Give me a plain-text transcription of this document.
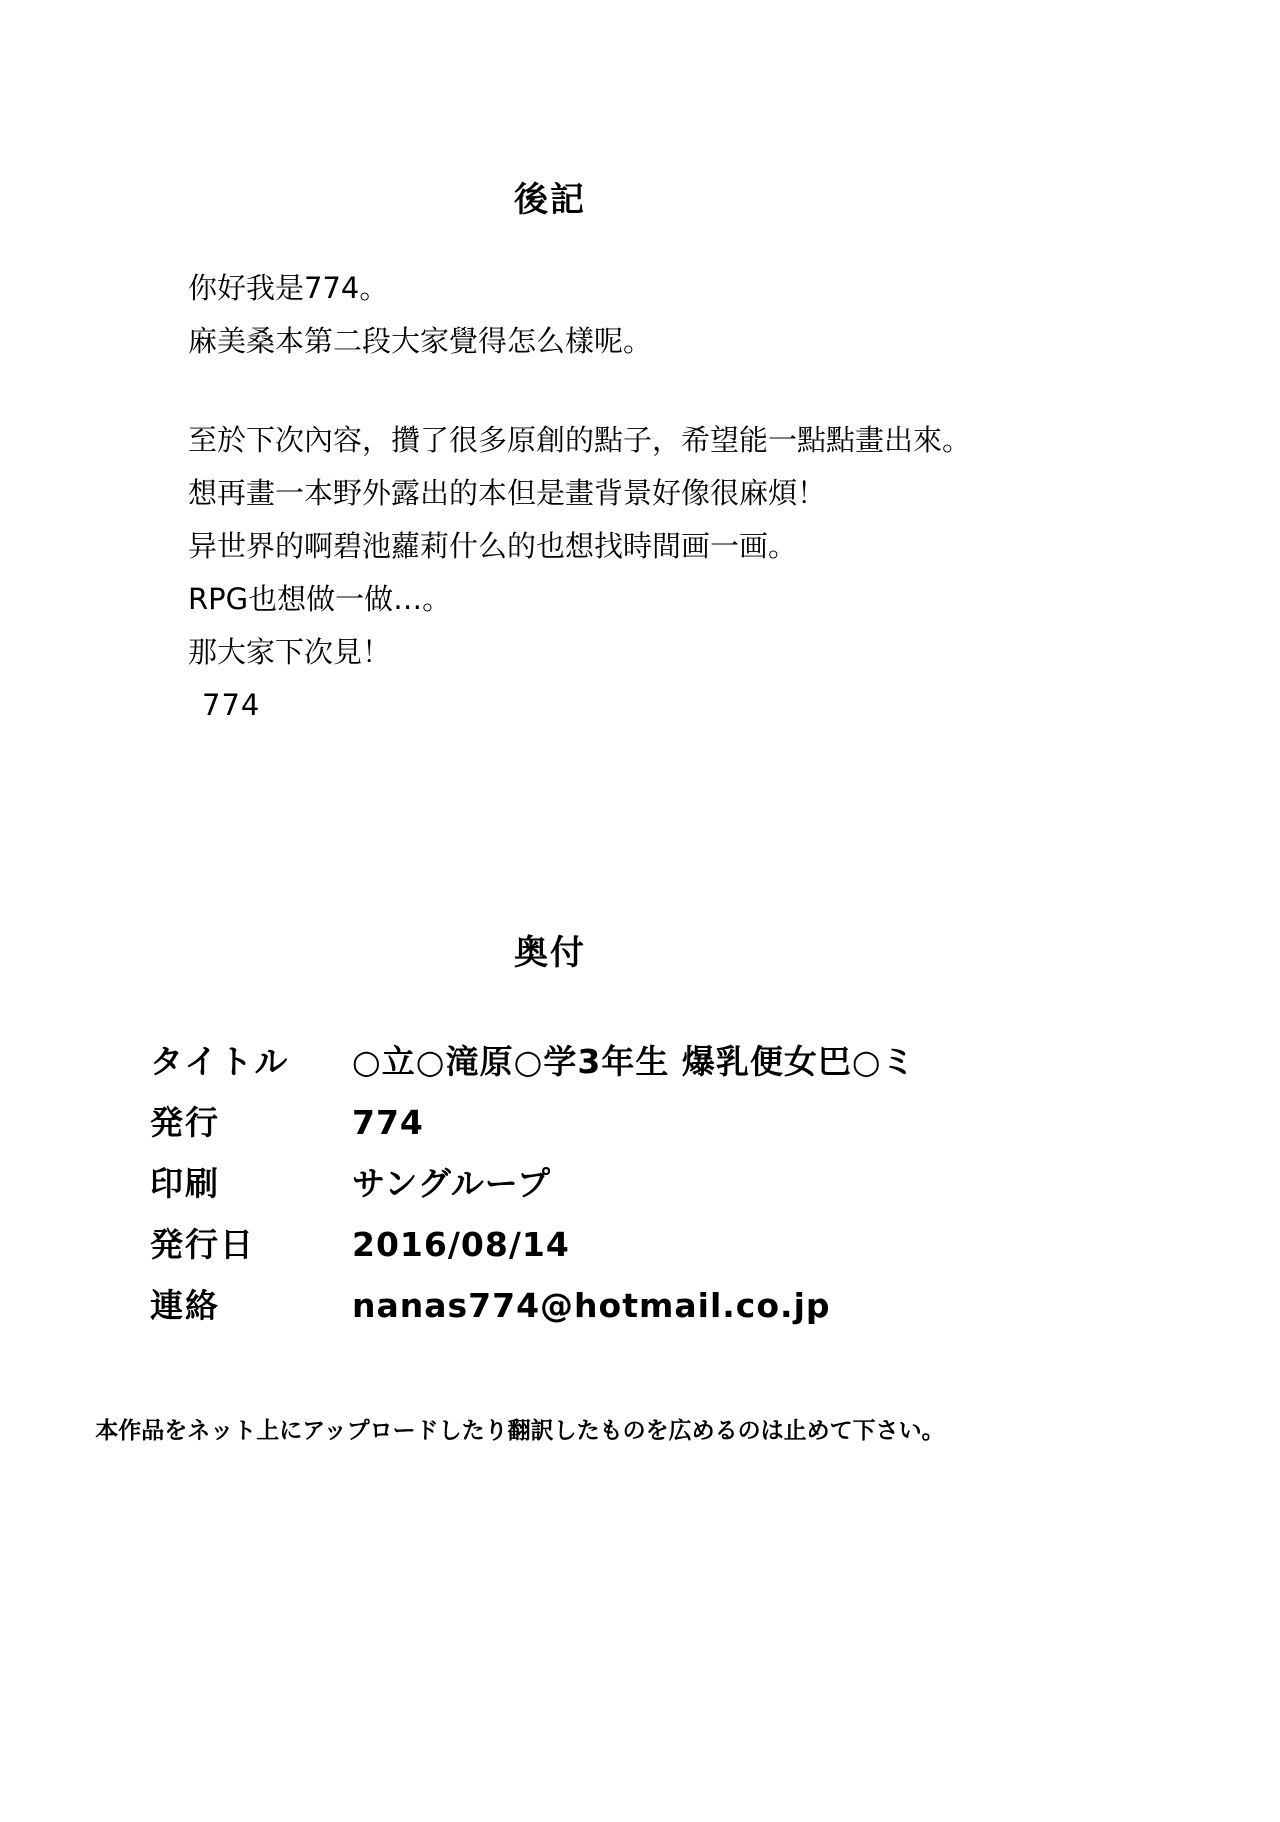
後記
你好我是774。
麻美桑本第二段大家覺得怎么樣呢。
至於下次內容，攢了很多原創的點子，希望能一點點畫出來。
想再畫一本野外露出的本但是畫背景好像很麻煩！
异世界的啊碧池蘿莉什么的也想找時間画一画。
RPG也想做一做…。
那大家下次見！
774
奥付
タイトル	○立○滝原○学3年生 爆乳便女巴○ミ
発行	774
印刷	サングループ
発行日	2016/08/14
連絡	nanas774@hotmail.co.jp
本作品をネット上にアップロードしたり翻訳したものを広めるのは止めて下さい。
